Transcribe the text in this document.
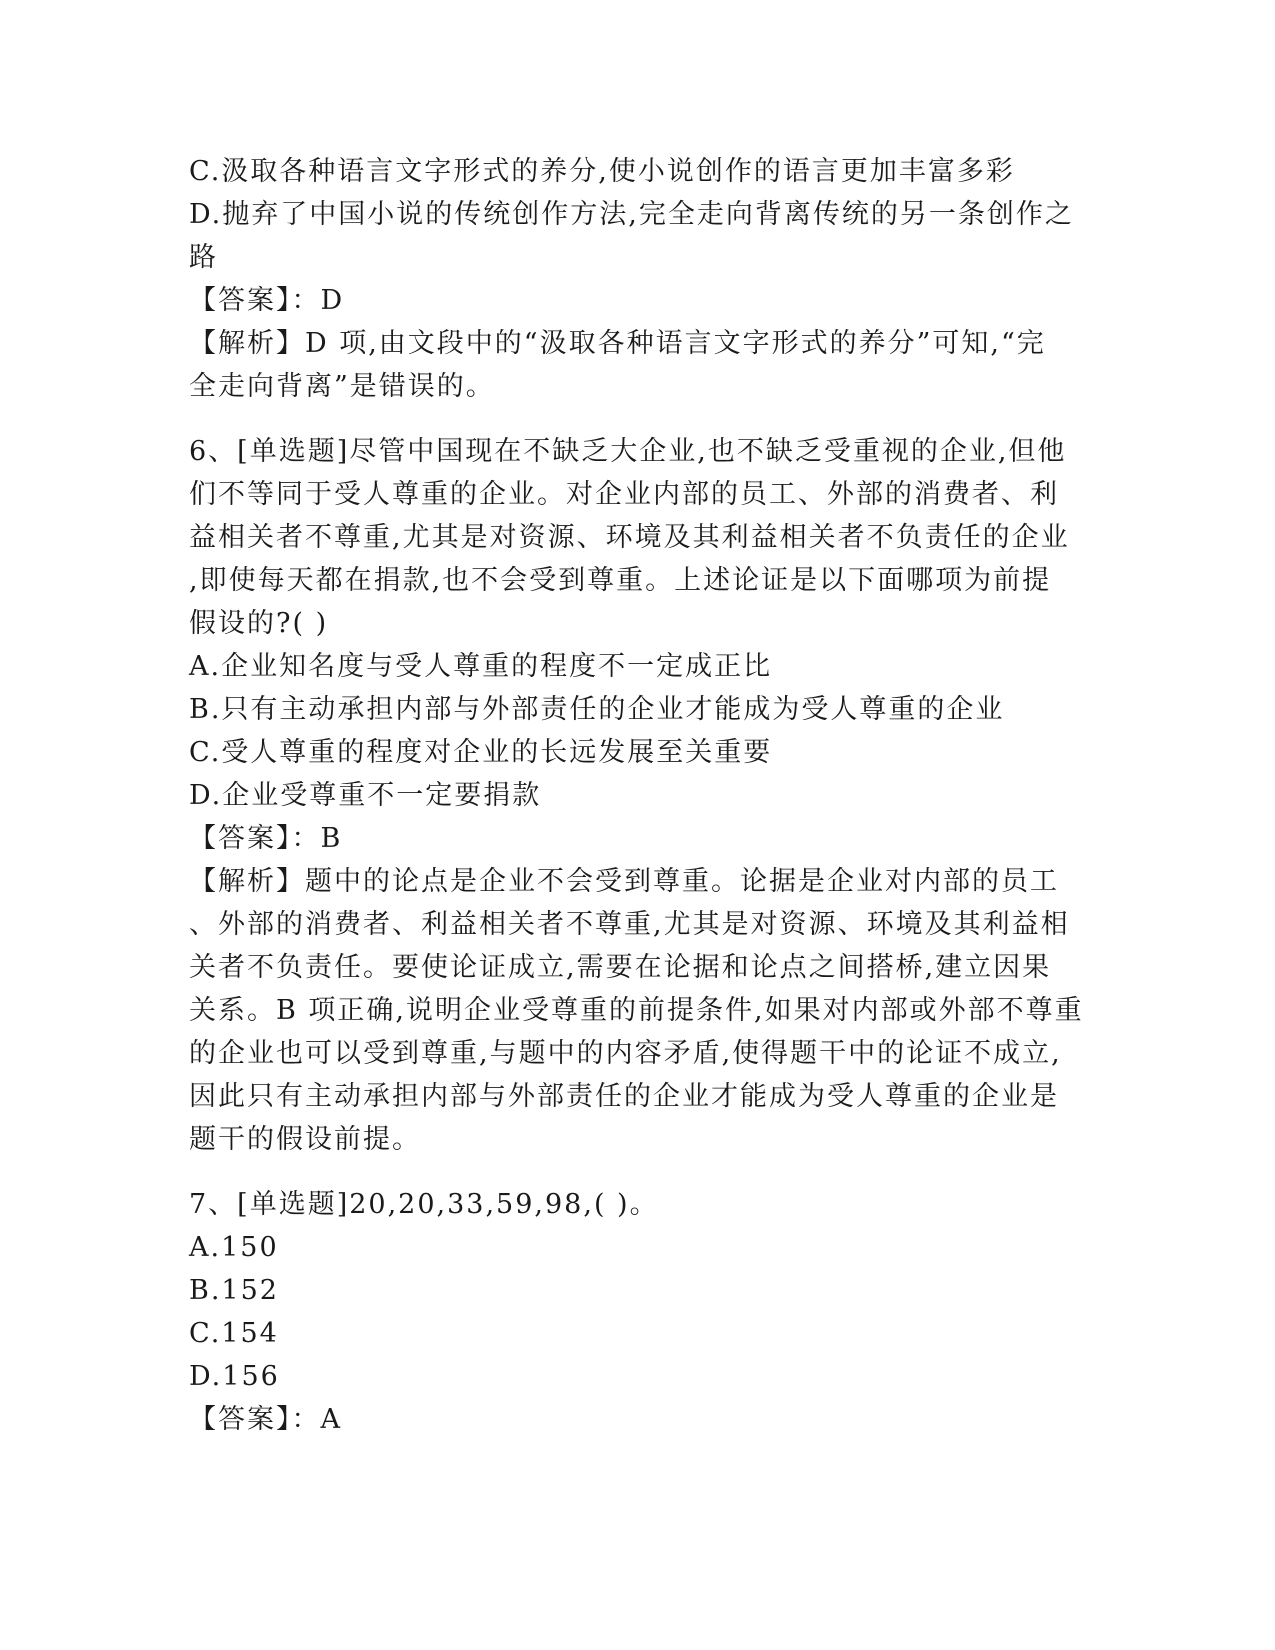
C.汲取各种语言文字形式的养分,使小说创作的语言更加丰富多彩

D.抛弃了中国小说的传统创作方法,完全走向背离传统的另一条创作之

路

【答案】：D

【解析】D 项,由文段中的“汲取各种语言文字形式的养分”可知,“完

全走向背离”是错误的。

6、[单选题]尽管中国现在不缺乏大企业,也不缺乏受重视的企业,但他

们不等同于受人尊重的企业。对企业内部的员工、外部的消费者、利

益相关者不尊重,尤其是对资源、环境及其利益相关者不负责任的企业

,即使每天都在捐款,也不会受到尊重。上述论证是以下面哪项为前提

假设的?( )

A.企业知名度与受人尊重的程度不一定成正比

B.只有主动承担内部与外部责任的企业才能成为受人尊重的企业

C.受人尊重的程度对企业的长远发展至关重要

D.企业受尊重不一定要捐款

【答案】：B

【解析】题中的论点是企业不会受到尊重。论据是企业对内部的员工

、外部的消费者、利益相关者不尊重,尤其是对资源、环境及其利益相

关者不负责任。要使论证成立,需要在论据和论点之间搭桥,建立因果

关系。B 项正确,说明企业受尊重的前提条件,如果对内部或外部不尊重

的企业也可以受到尊重,与题中的内容矛盾,使得题干中的论证不成立,

因此只有主动承担内部与外部责任的企业才能成为受人尊重的企业是

题干的假设前提。

7、[单选题]20,20,33,59,98,( )。

A.150

B.152

C.154

D.156

【答案】：A
